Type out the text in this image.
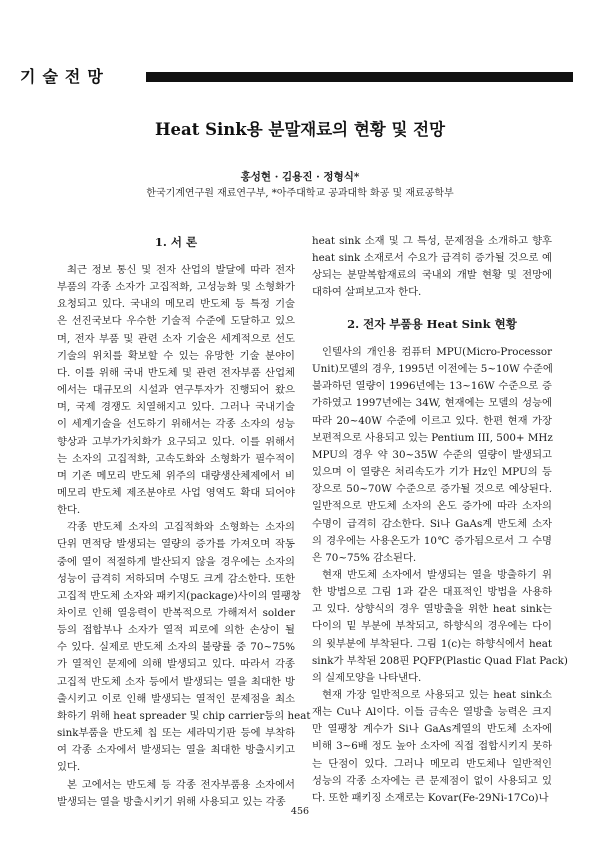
기술전망
Heat Sink용 분말재료의 현황 및 전망
홍성현 · 김용진 · 정형식*
한국기계연구원 재료연구부, *아주대학교 공과대학 화공 및 재료공학부
1. 서 론
최근 정보 통신 및 전자 산업의 발달에 따라 전자
부품의 각종 소자가 고집적화, 고성능화 및 소형화가
요청되고 있다. 국내의 메모리 반도체 등 특정 기술
은 선진국보다 우수한 기술적 수준에 도달하고 있으
며, 전자 부품 및 관련 소자 기술은 세계적으로 선도
기술의 위치를 확보할 수 있는 유망한 기술 분야이
다. 이를 위해 국내 반도체 및 관련 전자부품 산업체
에서는 대규모의 시설과 연구투자가 진행되어 왔으
며, 국제 경쟁도 치열해지고 있다. 그러나 국내기술
이 세계기술을 선도하기 위해서는 각종 소자의 성능
향상과 고부가가치화가 요구되고 있다. 이를 위해서
는 소자의 고집적화, 고속도화와 소형화가 필수적이
며 기존 메모리 반도체 위주의 대량생산체제에서 비
메모리 반도체 제조분야로 사업 영역도 확대 되어야
한다.
각종 반도체 소자의 고집적화와 소형화는 소자의
단위 면적당 발생되는 열량의 증가를 가져오며 작동
중에 열이 적절하게 발산되지 않을 경우에는 소자의
성능이 급격히 저하되며 수명도 크게 감소한다. 또한
고집적 반도체 소자와 패키지(package)사이의 열팽창
차이로 인해 열응력이 반복적으로 가해져서 solder
등의 접합부나 소자가 열적 피로에 의한 손상이 될
수 있다. 실제로 반도체 소자의 불량률 중 70~75%
가 열적인 문제에 의해 발생되고 있다. 따라서 각종
고집적 반도체 소자 등에서 발생되는 열을 최대한 방
출시키고 이로 인해 발생되는 열적인 문제점을 최소
화하기 위해 heat spreader 및 chip carrier등의 heat
sink부품을 반도체 칩 또는 세라믹기판 등에 부착하
여 각종 소자에서 발생되는 열을 최대한 방출시키고
있다.
본 고에서는 반도체 등 각종 전자부품용 소자에서
발생되는 열을 방출시키기 위해 사용되고 있는 각종
2. 전자 부품용 Heat Sink 현황
heat sink 소재 및 그 특성, 문제점을 소개하고 향후
heat sink 소재로서 수요가 급격히 증가될 것으로 예
상되는 분말복합재료의 국내외 개발 현황 및 전망에
대하여 살펴보고자 한다.
인텔사의 개인용 컴퓨터 MPU(Micro-Processor
Unit)모델의 경우, 1995년 이전에는 5~10W 수준에
불과하던 열량이 1996년에는 13~16W 수준으로 증
가하였고 1997년에는 34W, 현재에는 모델의 성능에
따라 20~40W 수준에 이르고 있다. 한편 현재 가장
보편적으로 사용되고 있는 Pentium III, 500+ MHz
MPU의 경우 약 30~35W 수준의 열량이 발생되고
있으며 이 열량은 처리속도가 기가 Hz인 MPU의 등
장으로 50~70W 수준으로 증가될 것으로 예상된다.
일반적으로 반도체 소자의 온도 증가에 따라 소자의
수명이 급격히 감소한다. Si나 GaAs계 반도체 소자
의 경우에는 사용온도가 10℃ 증가됨으로서 그 수명
은 70~75% 감소된다.
현재 반도체 소자에서 발생되는 열을 방출하기 위
한 방법으로 그림 1과 같은 대표적인 방법을 사용하
고 있다. 상향식의 경우 열방출을 위한 heat sink는
다이의 밑 부분에 부착되고, 하향식의 경우에는 다이
의 윗부분에 부착된다. 그림 1(c)는 하향식에서 heat
sink가 부착된 208핀 PQFP(Plastic Quad Flat Pack)
의 실제모양을 나타낸다.
현재 가장 일반적으로 사용되고 있는 heat sink소
재는 Cu나 Al이다. 이들 금속은 열방출 능력은 크지
만 열팽창 계수가 Si나 GaAs계열의 반도체 소자에
비해 3~6배 정도 높아 소자에 직접 접합시키지 못하
는 단점이 있다. 그러나 메모리 반도체나 일반적인
성능의 각종 소자에는 큰 문제점이 없이 사용되고 있
다. 또한 패키징 소재로는 Kovar(Fe-29Ni-17Co)나
456
